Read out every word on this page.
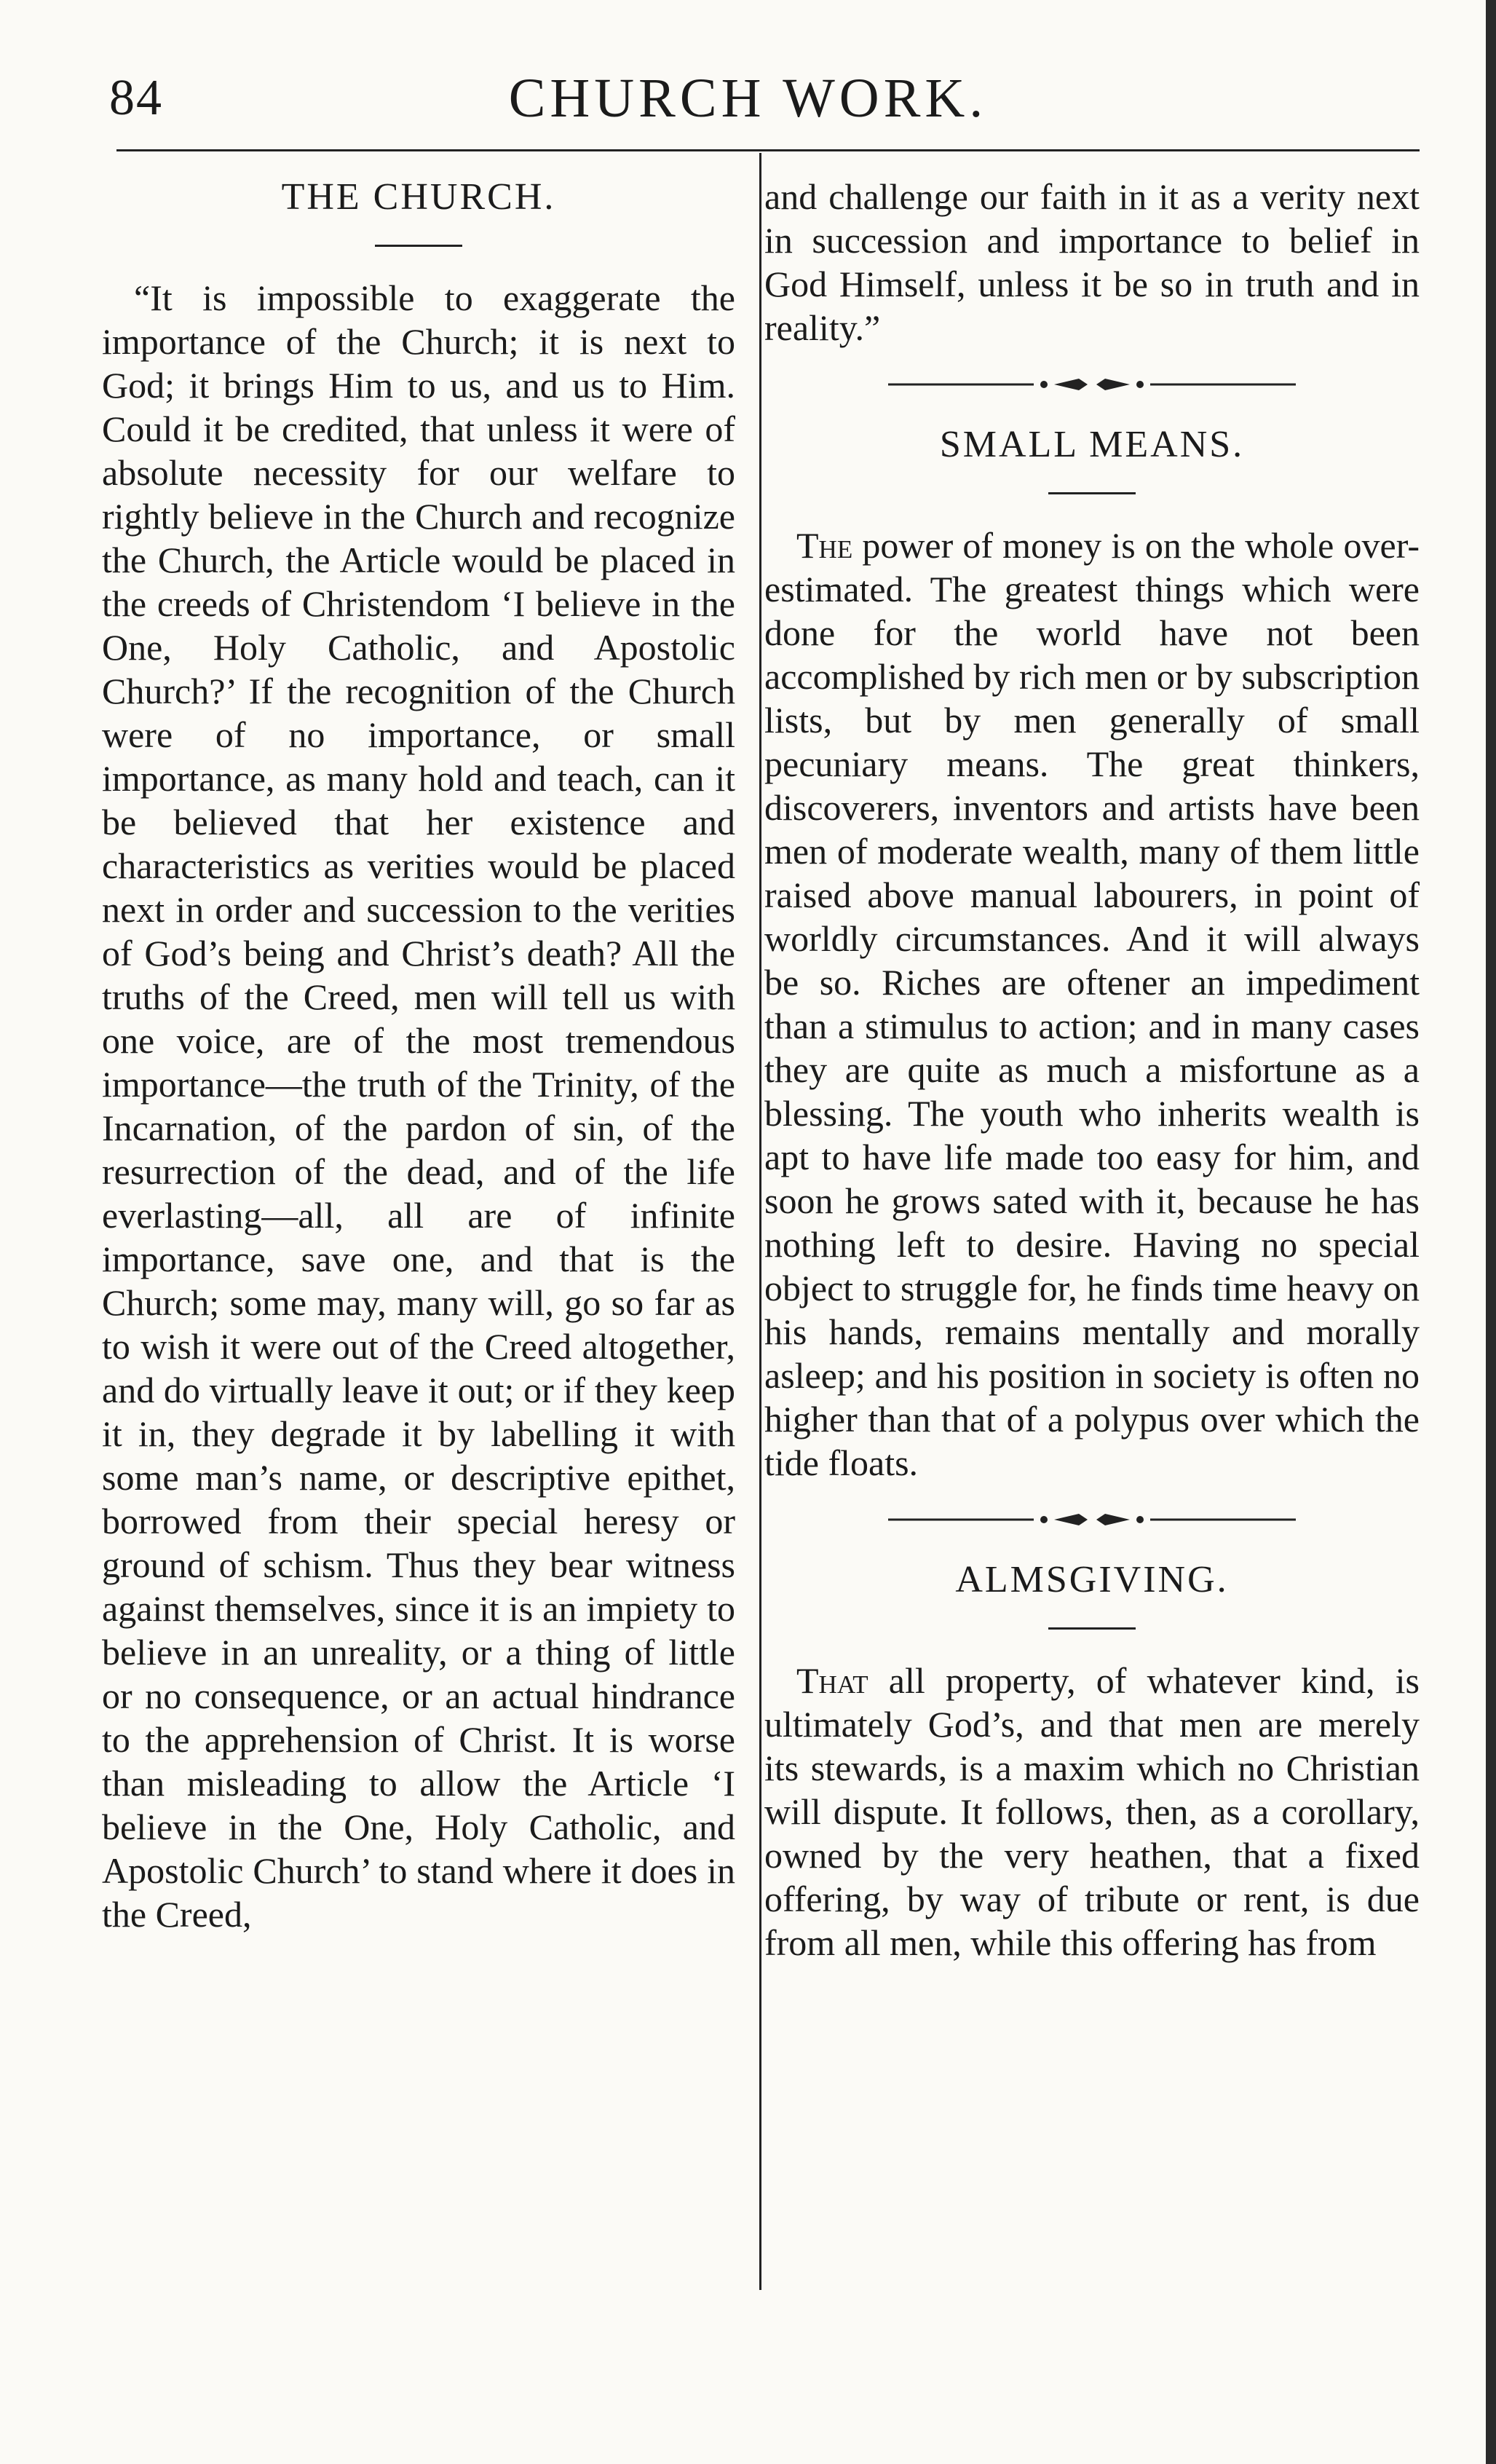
84	CHURCH WORK.
THE CHURCH.

“It is impossible to exaggerate the importance of the Church; it is next to God; it brings Him to us, and us to Him. Could it be credited, that unless it were of absolute necessity for our welfare to rightly believe in the Church and recognize the Church, the Article would be placed in the creeds of Christendom ‘I believe in the One, Holy Catholic, and Apostolic Church?’ If the recognition of the Church were of no importance, or small importance, as many hold and teach, can it be believed that her existence and characteristics as verities would be placed next in order and succession to the verities of God’s being and Christ’s death? All the truths of the Creed, men will tell us with one voice, are of the most tremendous importance—the truth of the Trinity, of the Incarnation, of the pardon of sin, of the resurrection of the dead, and of the life everlasting—all, all are of infinite importance, save one, and that is the Church; some may, many will, go so far as to wish it were out of the Creed altogether, and do virtually leave it out; or if they keep it in, they degrade it by labelling it with some man’s name, or descriptive epithet, borrowed from their special heresy or ground of schism. Thus they bear witness against themselves, since it is an impiety to believe in an unreality, or a thing of little or no consequence, or an actual hindrance to the apprehension of Christ. It is worse than misleading to allow the Article ‘I believe in the One, Holy Catholic, and Apostolic Church’ to stand where it does in the Creed,

and challenge our faith in it as a verity next in succession and importance to belief in God Himself, unless it be so in truth and in reality.”

SMALL MEANS.

The power of money is on the whole over-estimated. The greatest things which were done for the world have not been accomplished by rich men or by subscription lists, but by men generally of small pecuniary means. The great thinkers, discoverers, inventors and artists have been men of moderate wealth, many of them little raised above manual labourers, in point of worldly circumstances. And it will always be so. Riches are oftener an impediment than a stimulus to action; and in many cases they are quite as much a misfortune as a blessing. The youth who inherits wealth is apt to have life made too easy for him, and soon he grows sated with it, because he has nothing left to desire. Having no special object to struggle for, he finds time heavy on his hands, remains mentally and morally asleep; and his position in society is often no higher than that of a polypus over which the tide floats.

ALMSGIVING.

That all property, of whatever kind, is ultimately God’s, and that men are merely its stewards, is a maxim which no Christian will dispute. It follows, then, as a corollary, owned by the very heathen, that a fixed offering, by way of tribute or rent, is due from all men, while this offering has from
